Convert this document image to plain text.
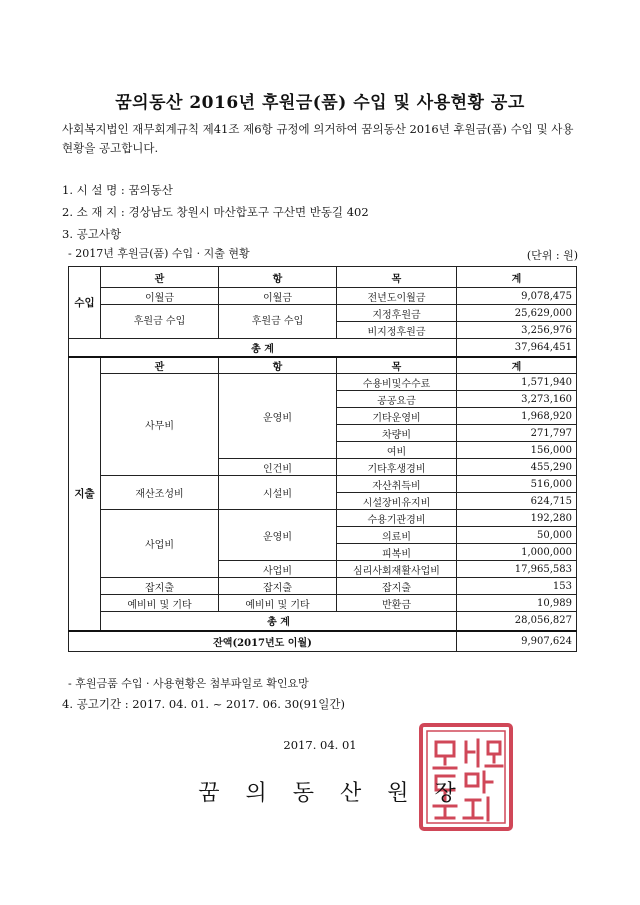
꿈의동산 2016년 후원금(품) 수입 및 사용현황 공고
사회복지법인 재무회계규칙 제41조 제6항 규정에 의거하여 꿈의동산 2016년 후원금(품) 수입 및 사용 현황을 공고합니다.
1. 시 설 명 : 꿈의동산
2. 소 재 지 : 경상남도 창원시 마산합포구 구산면 반동길 402
3. 공고사항
- 2017년 후원금(품) 수입 · 지출 현황	(단위 : 원)
수입	관	항	목	계
	이월금	이월금	전년도이월금	9,078,475
	후원금 수입	후원금 수입	지정후원금	25,629,000
			비지정후원금	3,256,976
총 계				37,964,451
지출	관	항	목	계
	사무비	운영비	수용비및수수료	1,571,940
			공공요금	3,273,160
			기타운영비	1,968,920
			차량비	271,797
			여비	156,000
		인건비	기타후생경비	455,290
	재산조성비	시설비	자산취득비	516,000
			시설장비유지비	624,715
	사업비	운영비	수용기관경비	192,280
			의료비	50,000
			피복비	1,000,000
		사업비	심리사회재활사업비	17,965,583
	잡지출	잡지출	잡지출	153
	예비비 및 기타	예비비 및 기타	반환금	10,989
	총 계			28,056,827
잔액(2017년도 이월)				9,907,624
- 후원금품 수입 · 사용현황은 첨부파일로 확인요망
4. 공고기간 : 2017. 04. 01. ~ 2017. 06. 30(91일간)
2017. 04. 01
꿈의동산원장
